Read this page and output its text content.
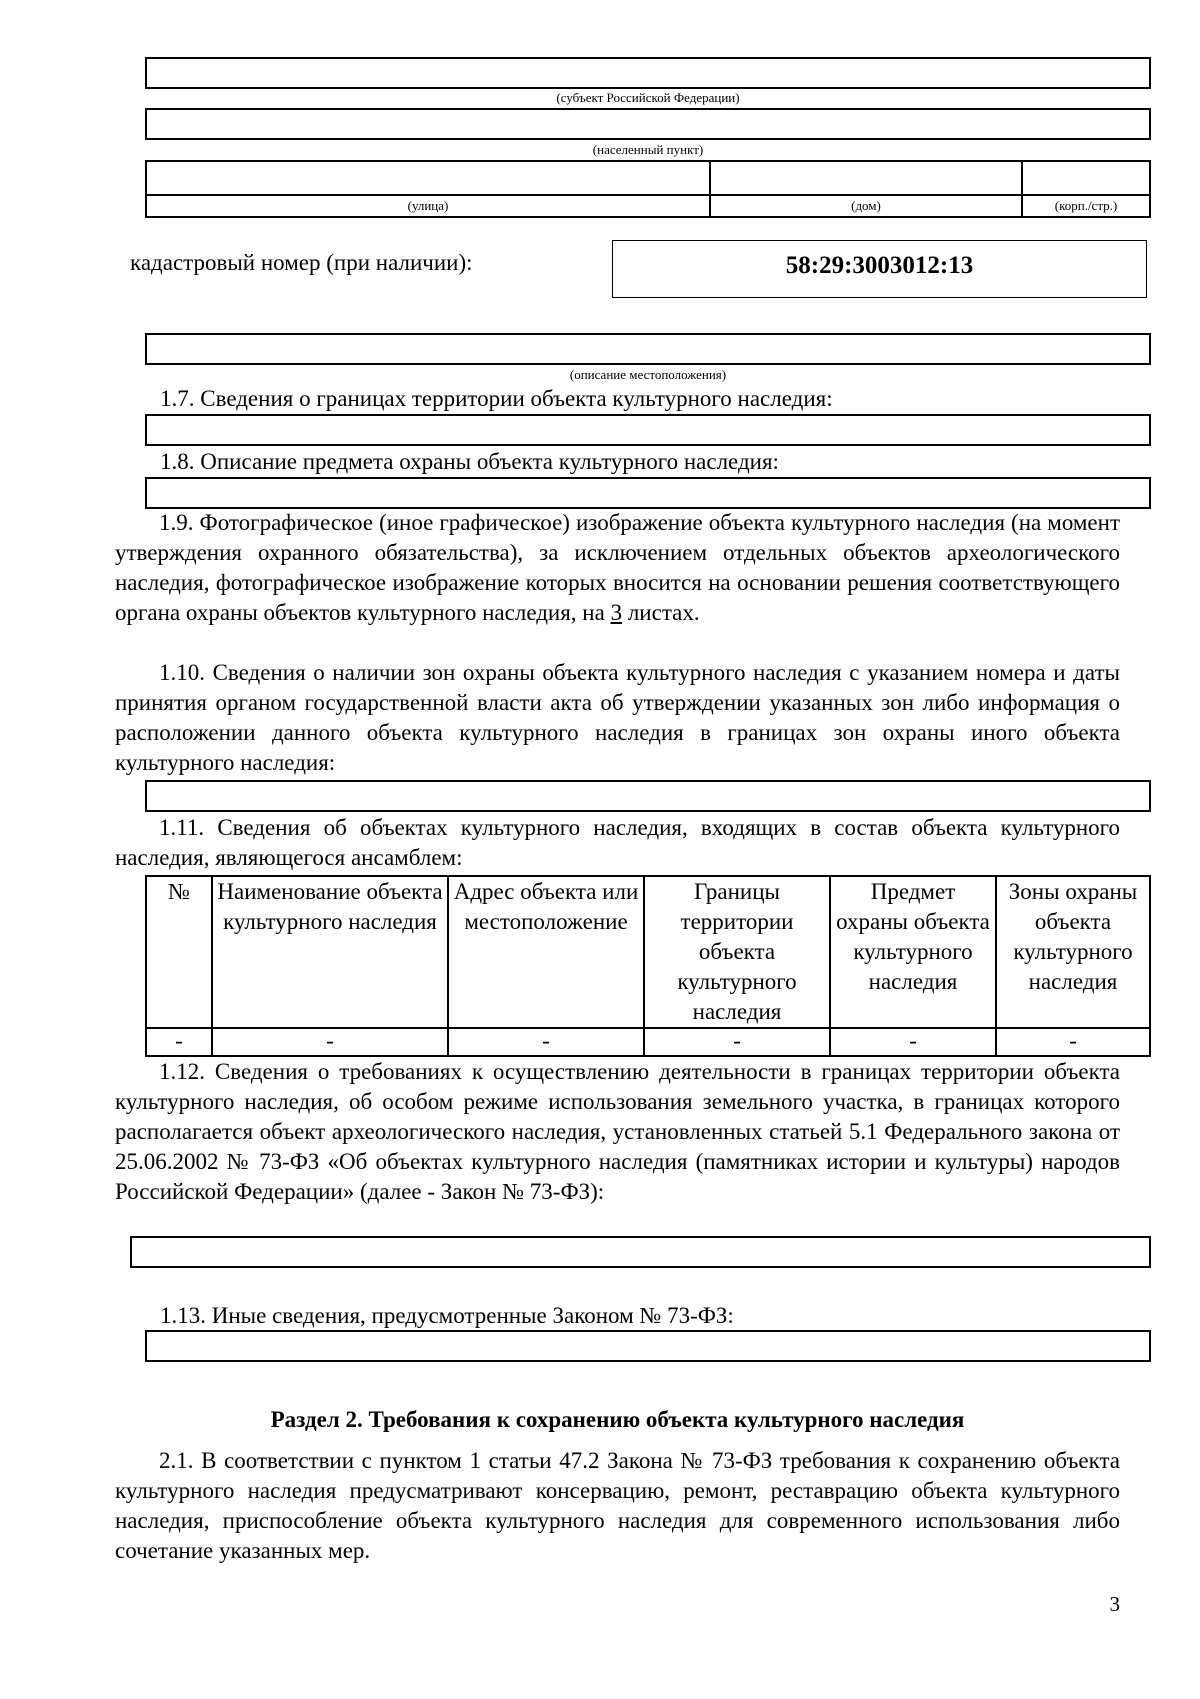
(субъект Российской Федерации)
(населенный пункт)

(улица)	(дом)	(корп./стр.)
кадастровый номер (при наличии):	58:29:3003012:13
(описание местоположения)
1.7. Сведения о границах территории объекта культурного наследия:
1.8. Описание предмета охраны объекта культурного наследия:

1.9. Фотографическое (иное графическое) изображение объекта культурного наследия (на момент утверждения охранного обязательства), за исключением отдельных объектов археологического наследия, фотографическое изображение которых вносится на основании решения соответствующего органа охраны объектов культурного наследия, на 3 листах.

1.10. Сведения о наличии зон охраны объекта культурного наследия с указанием номера и даты принятия органом государственной власти акта об утверждении указанных зон либо информация о расположении данного объекта культурного наследия в границах зон охраны иного объекта культурного наследия:

1.11. Сведения об объектах культурного наследия, входящих в состав объекта культурного наследия, являющегося ансамблем:

№	Наименование объекта культурного наследия	Адрес объекта или местоположение	Границы территории объекта культурного наследия	Предмет охраны объекта культурного наследия	Зоны охраны объекта культурного наследия
-	-	-	-	-	-

1.12. Сведения о требованиях к осуществлению деятельности в границах территории объекта культурного наследия, об особом режиме использования земельного участка, в границах которого располагается объект археологического наследия, установленных статьей 5.1 Федерального закона от 25.06.2002 № 73-ФЗ «Об объектах культурного наследия (памятниках истории и культуры) народов Российской Федерации» (далее - Закон № 73-ФЗ):

1.13. Иные сведения, предусмотренные Законом № 73-ФЗ:
Раздел 2. Требования к сохранению объекта культурного наследия

2.1. В соответствии с пунктом 1 статьи 47.2 Закона № 73-ФЗ требования к сохранению объекта культурного наследия предусматривают консервацию, ремонт, реставрацию объекта культурного наследия, приспособление объекта культурного наследия для современного использования либо сочетание указанных мер.

3
